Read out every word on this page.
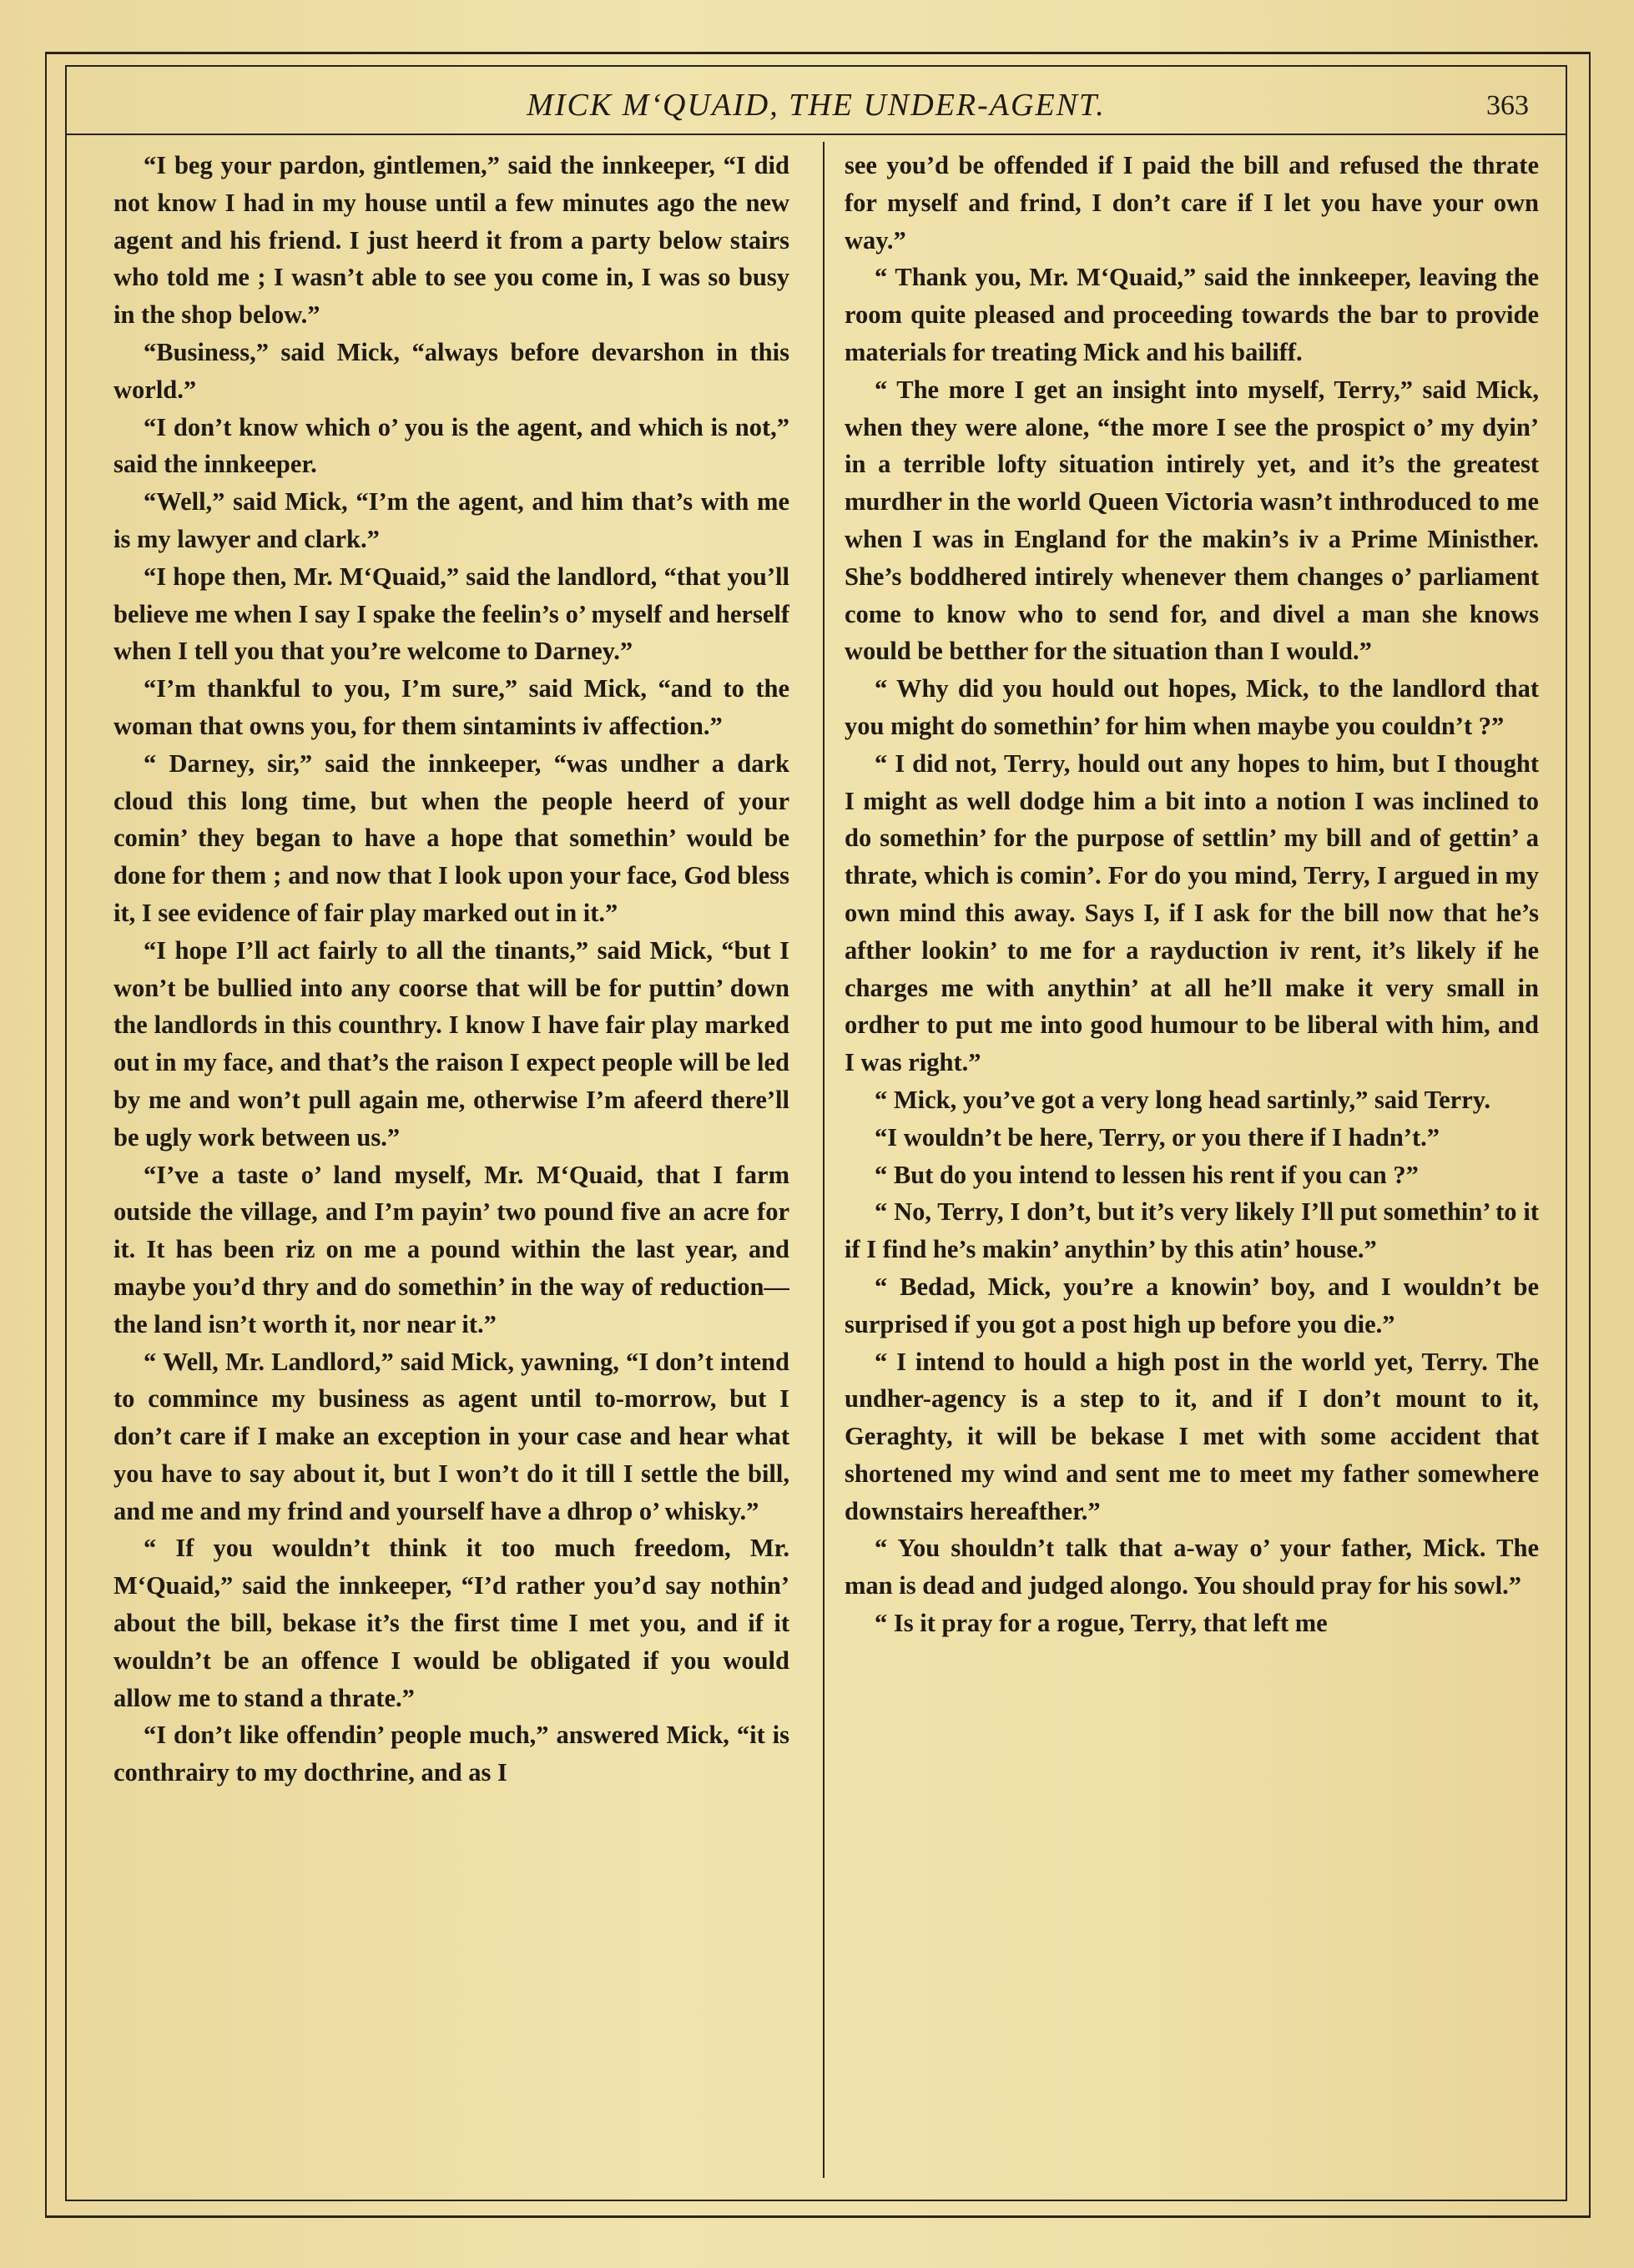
MICK M‘QUAID, THE UNDER-AGENT.	363

“I beg your pardon, gintlemen,” said the innkeeper, “I did not know I had in my house until a few minutes ago the new agent and his friend. I just heerd it from a party below stairs who told me ; I wasn’t able to see you come in, I was so busy in the shop below.”

“Business,” said Mick, “always before devarshon in this world.”

“I don’t know which o’ you is the agent, and which is not,” said the innkeeper.

“Well,” said Mick, “I’m the agent, and him that’s with me is my lawyer and clark.”

“I hope then, Mr. M‘Quaid,” said the landlord, “that you’ll believe me when I say I spake the feelin’s o’ myself and herself when I tell you that you’re welcome to Darney.”

“I’m thankful to you, I’m sure,” said Mick, “and to the woman that owns you, for them sintamints iv affection.”

“ Darney, sir,” said the innkeeper, “was undher a dark cloud this long time, but when the people heerd of your comin’ they began to have a hope that somethin’ would be done for them ; and now that I look upon your face, God bless it, I see evidence of fair play marked out in it.”

“I hope I’ll act fairly to all the tinants,” said Mick, “but I won’t be bullied into any coorse that will be for puttin’ down the landlords in this counthry. I know I have fair play marked out in my face, and that’s the raison I expect people will be led by me and won’t pull again me, otherwise I’m afeerd there’ll be ugly work between us.”

“I’ve a taste o’ land myself, Mr. M‘Quaid, that I farm outside the village, and I’m payin’ two pound five an acre for it. It has been riz on me a pound within the last year, and maybe you’d thry and do somethin’ in the way of reduction—the land isn’t worth it, nor near it.”

“ Well, Mr. Landlord,” said Mick, yawning, “I don’t intend to commince my business as agent until to-morrow, but I don’t care if I make an exception in your case and hear what you have to say about it, but I won’t do it till I settle the bill, and me and my frind and yourself have a dhrop o’ whisky.”

“ If you wouldn’t think it too much freedom, Mr. M‘Quaid,” said the innkeeper, “I’d rather you’d say nothin’ about the bill, bekase it’s the first time I met you, and if it wouldn’t be an offence I would be obligated if you would allow me to stand a thrate.”

“I don’t like offendin’ people much,” answered Mick, “it is conthrairy to my docthrine, and as I

see you’d be offended if I paid the bill and refused the thrate for myself and frind, I don’t care if I let you have your own way.”

“ Thank you, Mr. M‘Quaid,” said the innkeeper, leaving the room quite pleased and proceeding towards the bar to provide materials for treating Mick and his bailiff.

“ The more I get an insight into myself, Terry,” said Mick, when they were alone, “the more I see the prospict o’ my dyin’ in a terrible lofty situation intirely yet, and it’s the greatest murdher in the world Queen Victoria wasn’t inthroduced to me when I was in England for the makin’s iv a Prime Ministher. She’s boddhered intirely whenever them changes o’ parliament come to know who to send for, and divel a man she knows would be betther for the situation than I would.”

“ Why did you hould out hopes, Mick, to the landlord that you might do somethin’ for him when maybe you couldn’t ?”

“ I did not, Terry, hould out any hopes to him, but I thought I might as well dodge him a bit into a notion I was inclined to do somethin’ for the purpose of settlin’ my bill and of gettin’ a thrate, which is comin’. For do you mind, Terry, I argued in my own mind this away. Says I, if I ask for the bill now that he’s afther lookin’ to me for a rayduction iv rent, it’s likely if he charges me with anythin’ at all he’ll make it very small in ordher to put me into good humour to be liberal with him, and I was right.”

“ Mick, you’ve got a very long head sartinly,” said Terry.

“I wouldn’t be here, Terry, or you there if I hadn’t.”

“ But do you intend to lessen his rent if you can ?”

“ No, Terry, I don’t, but it’s very likely I’ll put somethin’ to it if I find he’s makin’ anythin’ by this atin’ house.”

“ Bedad, Mick, you’re a knowin’ boy, and I wouldn’t be surprised if you got a post high up before you die.”

“ I intend to hould a high post in the world yet, Terry. The undher-agency is a step to it, and if I don’t mount to it, Geraghty, it will be bekase I met with some accident that shortened my wind and sent me to meet my father somewhere downstairs hereafther.”

“ You shouldn’t talk that a-way o’ your father, Mick. The man is dead and judged alongo. You should pray for his sowl.”

“ Is it pray for a rogue, Terry, that left me
